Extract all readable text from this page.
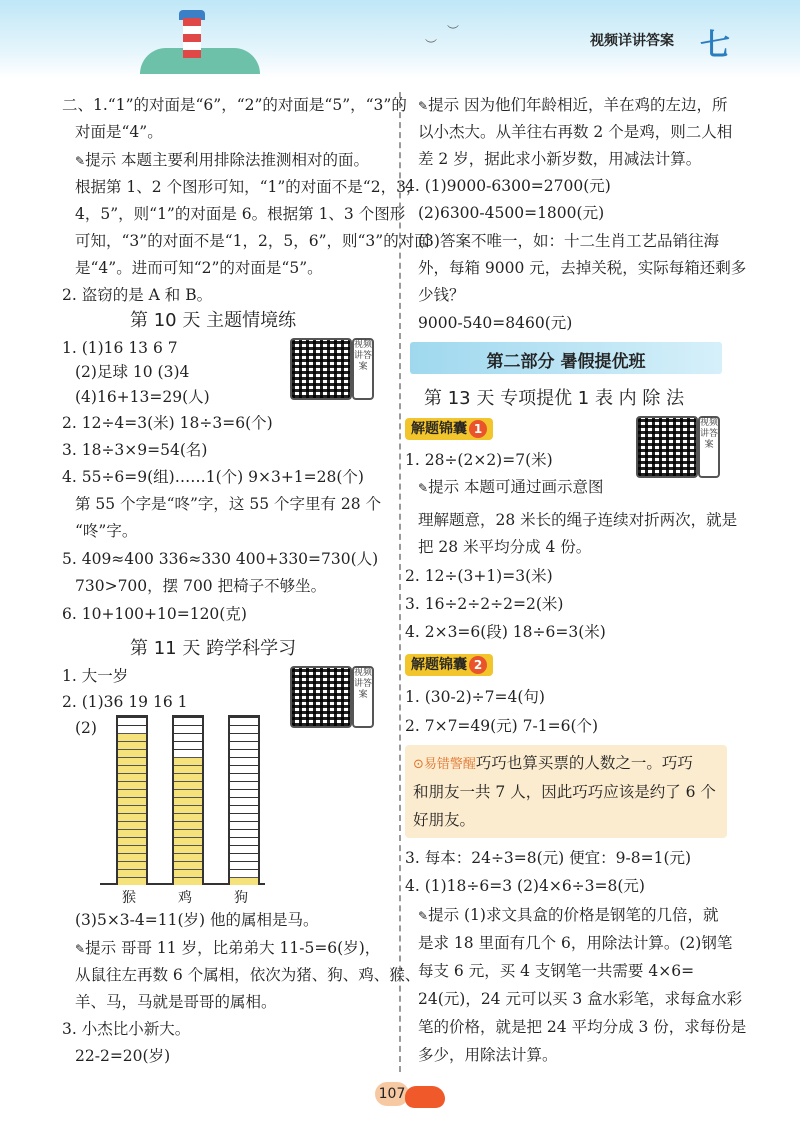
︶
︶
视频详讲答案 七
二、1.“1”的对面是“6”，“2”的对面是“5”，“3”的
对面是“4”。
✎提示 本题主要利用排除法推测相对的面。
根据第 1、2 个图形可知，“1”的对面不是“2，3，
4，5”，则“1”的对面是 6。根据第 1、3 个图形
可知，“3”的对面不是“1，2，5，6”，则“3”的对面
是“4”。进而可知“2”的对面是“5”。
2. 盗窃的是 A 和 B。
第 10 天 主题情境练
1. (1)16 13 6 7
(2)足球 10 (3)4
(4)16+13=29(人)
视频讲答案
2. 12÷4=3(米) 18÷3=6(个)
3. 18÷3×9=54(名)
4. 55÷6=9(组)……1(个) 9×3+1=28(个)
第 55 个字是“咚”字，这 55 个字里有 28 个
“咚”字。
5. 409≈400 336≈330 400+330=730(人)
730>700，摆 700 把椅子不够坐。
6. 10+100+10=120(克)
第 11 天 跨学科学习
1. 大一岁
2. (1)36 19 16 1
视频讲答案
(2)
猴	鸡	狗
(3)5×3-4=11(岁) 他的属相是马。
✎提示 哥哥 11 岁，比弟弟大 11-5=6(岁)，
从鼠往左再数 6 个属相，依次为猪、狗、鸡、猴、
羊、马，马就是哥哥的属相。
3. 小杰比小新大。
22-2=20(岁)
✎提示 因为他们年龄相近，羊在鸡的左边，所
以小杰大。从羊往右再数 2 个是鸡，则二人相
差 2 岁，据此求小新岁数，用减法计算。
4. (1)9000-6300=2700(元)
(2)6300-4500=1800(元)
(3)答案不唯一，如：十二生肖工艺品销往海
外，每箱 9000 元，去掉关税，实际每箱还剩多
少钱？
9000-540=8460(元)
第二部分 暑假提优班
第 13 天 专项提优 1 表 内 除 法
解题锦囊 1	视频讲答案
1. 28÷(2×2)=7(米)
✎提示 本题可通过画示意图
理解题意，28 米长的绳子连续对折两次，就是
把 28 米平均分成 4 份。
2. 12÷(3+1)=3(米)
3. 16÷2÷2÷2=2(米)
4. 2×3=6(段) 18÷6=3(米)
解题锦囊 2
1. (30-2)÷7=4(句)
2. 7×7=49(元) 7-1=6(个)
⊙易错警醒巧巧也算买票的人数之一。巧巧
和朋友一共 7 人，因此巧巧应该是约了 6 个
好朋友。
3. 每本：24÷3=8(元) 便宜：9-8=1(元)
4. (1)18÷6=3 (2)4×6÷3=8(元)
✎提示 (1)求文具盒的价格是钢笔的几倍，就
是求 18 里面有几个 6，用除法计算。(2)钢笔
每支 6 元，买 4 支钢笔一共需要 4×6=
24(元)，24 元可以买 3 盒水彩笔，求每盒水彩
笔的价格，就是把 24 平均分成 3 份，求每份是
多少，用除法计算。
107
